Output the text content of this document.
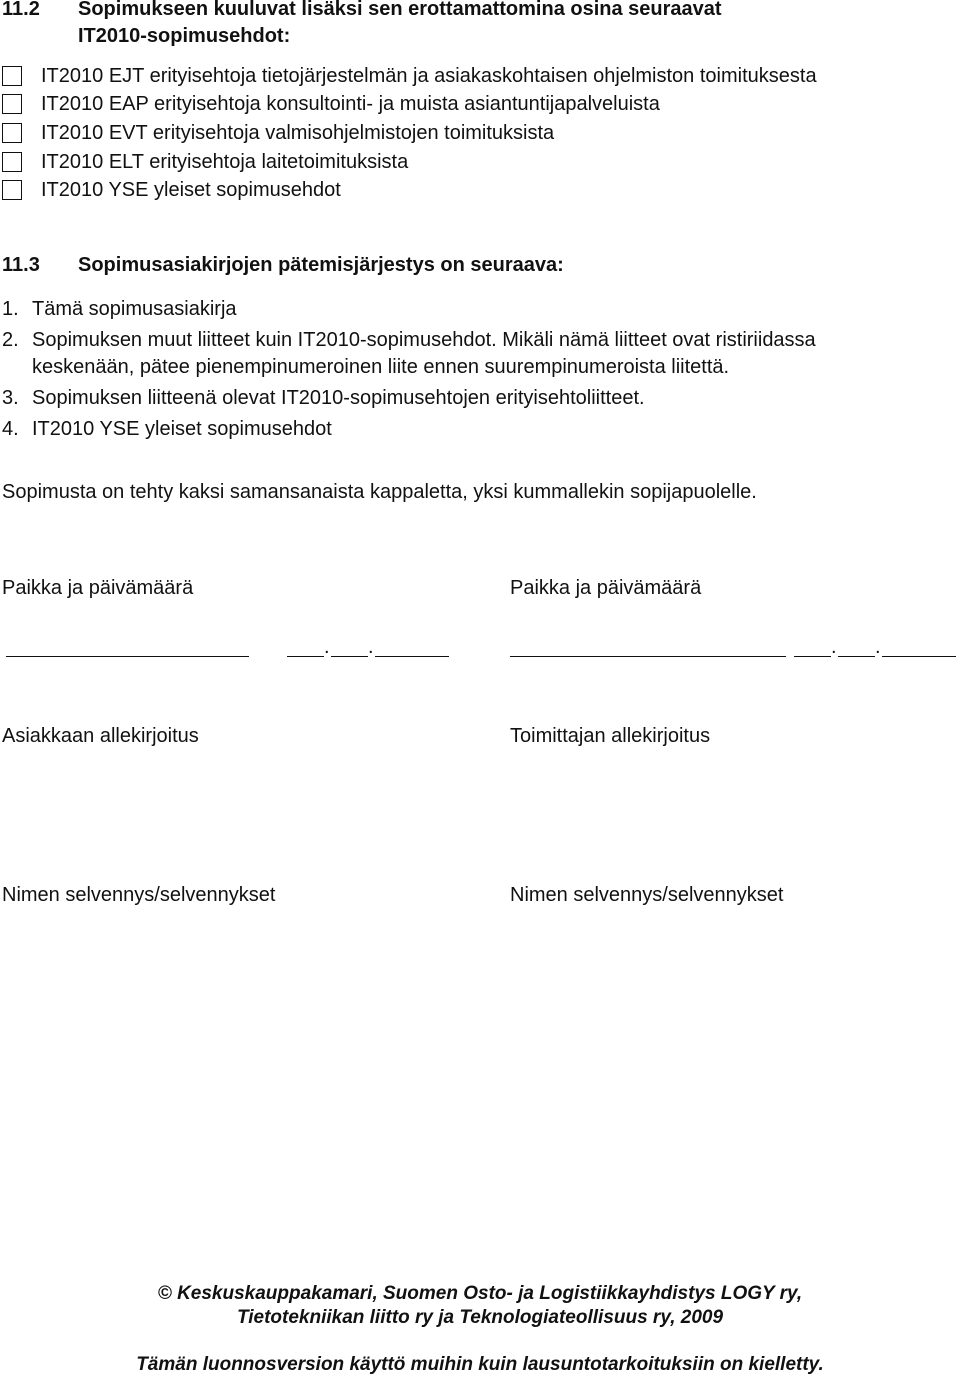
11.2 Sopimukseen kuuluvat lisäksi sen erottamattomina osina seuraavat
IT2010-sopimusehdot:
IT2010 EJT erityisehtoja tietojärjestelmän ja asiakaskohtaisen ohjelmiston toimituksesta
IT2010 EAP erityisehtoja konsultointi- ja muista asiantuntijapalveluista
IT2010 EVT erityisehtoja valmisohjelmistojen toimituksista
IT2010 ELT erityisehtoja laitetoimituksista
IT2010 YSE yleiset sopimusehdot
11.3 Sopimusasiakirjojen pätemisjärjestys on seuraava:
1. Tämä sopimusasiakirja
2. Sopimuksen muut liitteet kuin IT2010-sopimusehdot. Mikäli nämä liitteet ovat ristiriidassa
keskenään, pätee pienempinumeroinen liite ennen suurempinumeroista liitettä.
3. Sopimuksen liitteenä olevat IT2010-sopimusehtojen erityisehtoliitteet.
4. IT2010 YSE yleiset sopimusehdot
Sopimusta on tehty kaksi samansanaista kappaletta, yksi kummallekin sopijapuolelle.
Paikka ja päivämäärä	Paikka ja päivämäärä
. .	. .
Asiakkaan allekirjoitus	Toimittajan allekirjoitus
Nimen selvennys/selvennykset	Nimen selvennys/selvennykset
© Keskuskauppakamari, Suomen Osto- ja Logistiikkayhdistys LOGY ry,
Tietotekniikan liitto ry ja Teknologiateollisuus ry, 2009
Tämän luonnosversion käyttö muihin kuin lausuntotarkoituksiin on kielletty.
